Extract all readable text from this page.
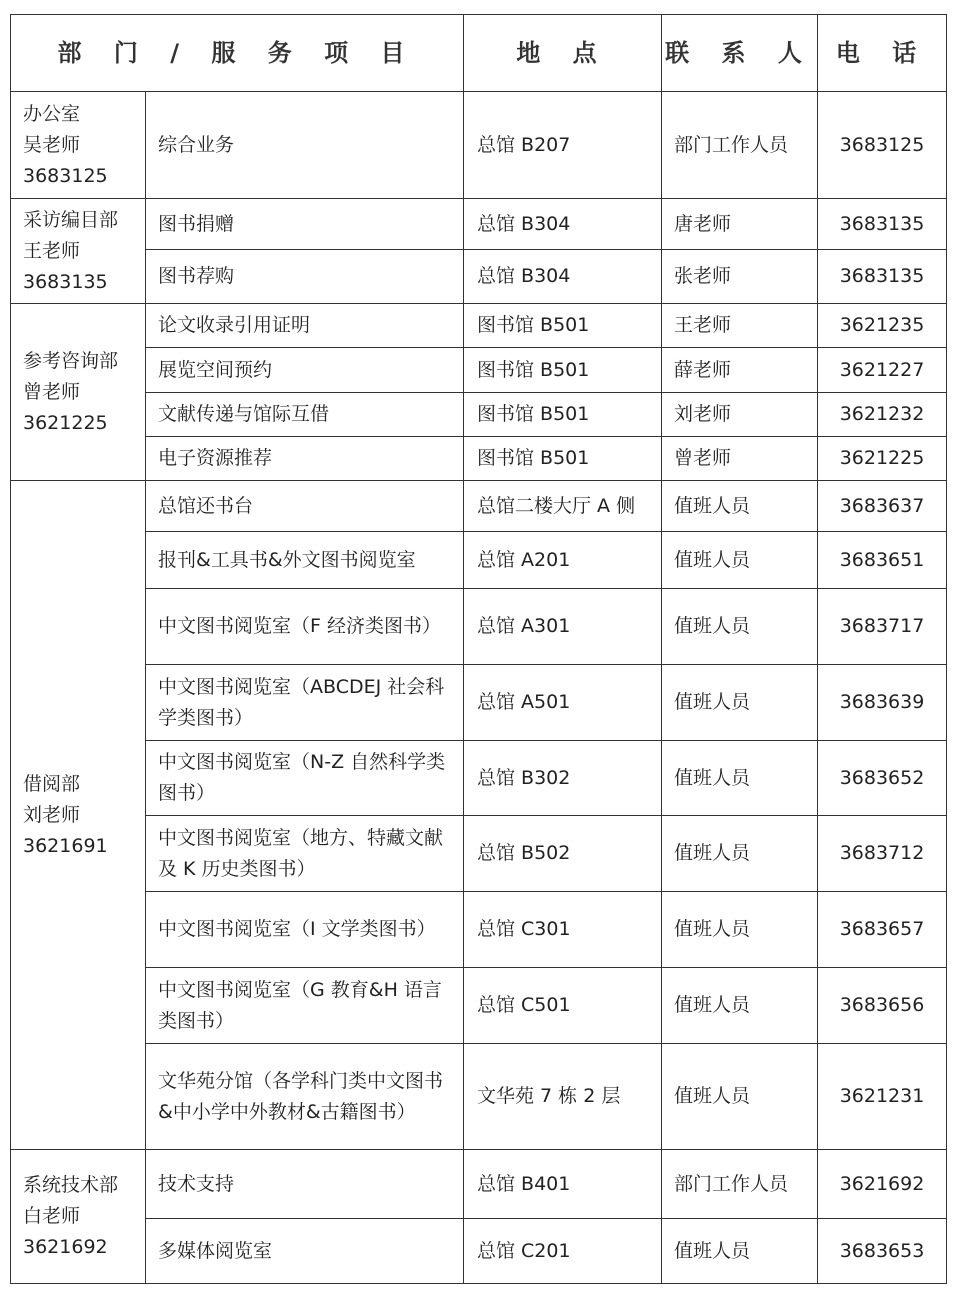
部 门 / 服 务 项 目		地 点	联 系 人	电 话

办公室
吴老师
3683125	综合业务	总馆 B207	部门工作人员	3683125

采访编目部
王老师
3683135	图书捐赠	总馆 B304	唐老师	3683135
	图书荐购	总馆 B304	张老师	3683135

参考咨询部
曾老师
3621225	论文收录引用证明	图书馆 B501	王老师	3621235
	展览空间预约	图书馆 B501	薛老师	3621227
	文献传递与馆际互借	图书馆 B501	刘老师	3621232
	电子资源推荐	图书馆 B501	曾老师	3621225

借阅部
刘老师
3621691	总馆还书台	总馆二楼大厅 A 侧	值班人员	3683637
	报刊&工具书&外文图书阅览室	总馆 A201	值班人员	3683651
	中文图书阅览室（F 经济类图书）	总馆 A301	值班人员	3683717
	中文图书阅览室（ABCDEJ 社会科学类图书）	总馆 A501	值班人员	3683639
	中文图书阅览室（N-Z 自然科学类图书）	总馆 B302	值班人员	3683652
	中文图书阅览室（地方、特藏文献及 K 历史类图书）	总馆 B502	值班人员	3683712
	中文图书阅览室（I 文学类图书）	总馆 C301	值班人员	3683657
	中文图书阅览室（G 教育&H 语言类图书）	总馆 C501	值班人员	3683656
	文华苑分馆（各学科门类中文图书&中小学中外教材&古籍图书）	文华苑 7 栋 2 层	值班人员	3621231

系统技术部
白老师
3621692	技术支持	总馆 B401	部门工作人员	3621692
	多媒体阅览室	总馆 C201	值班人员	3683653
